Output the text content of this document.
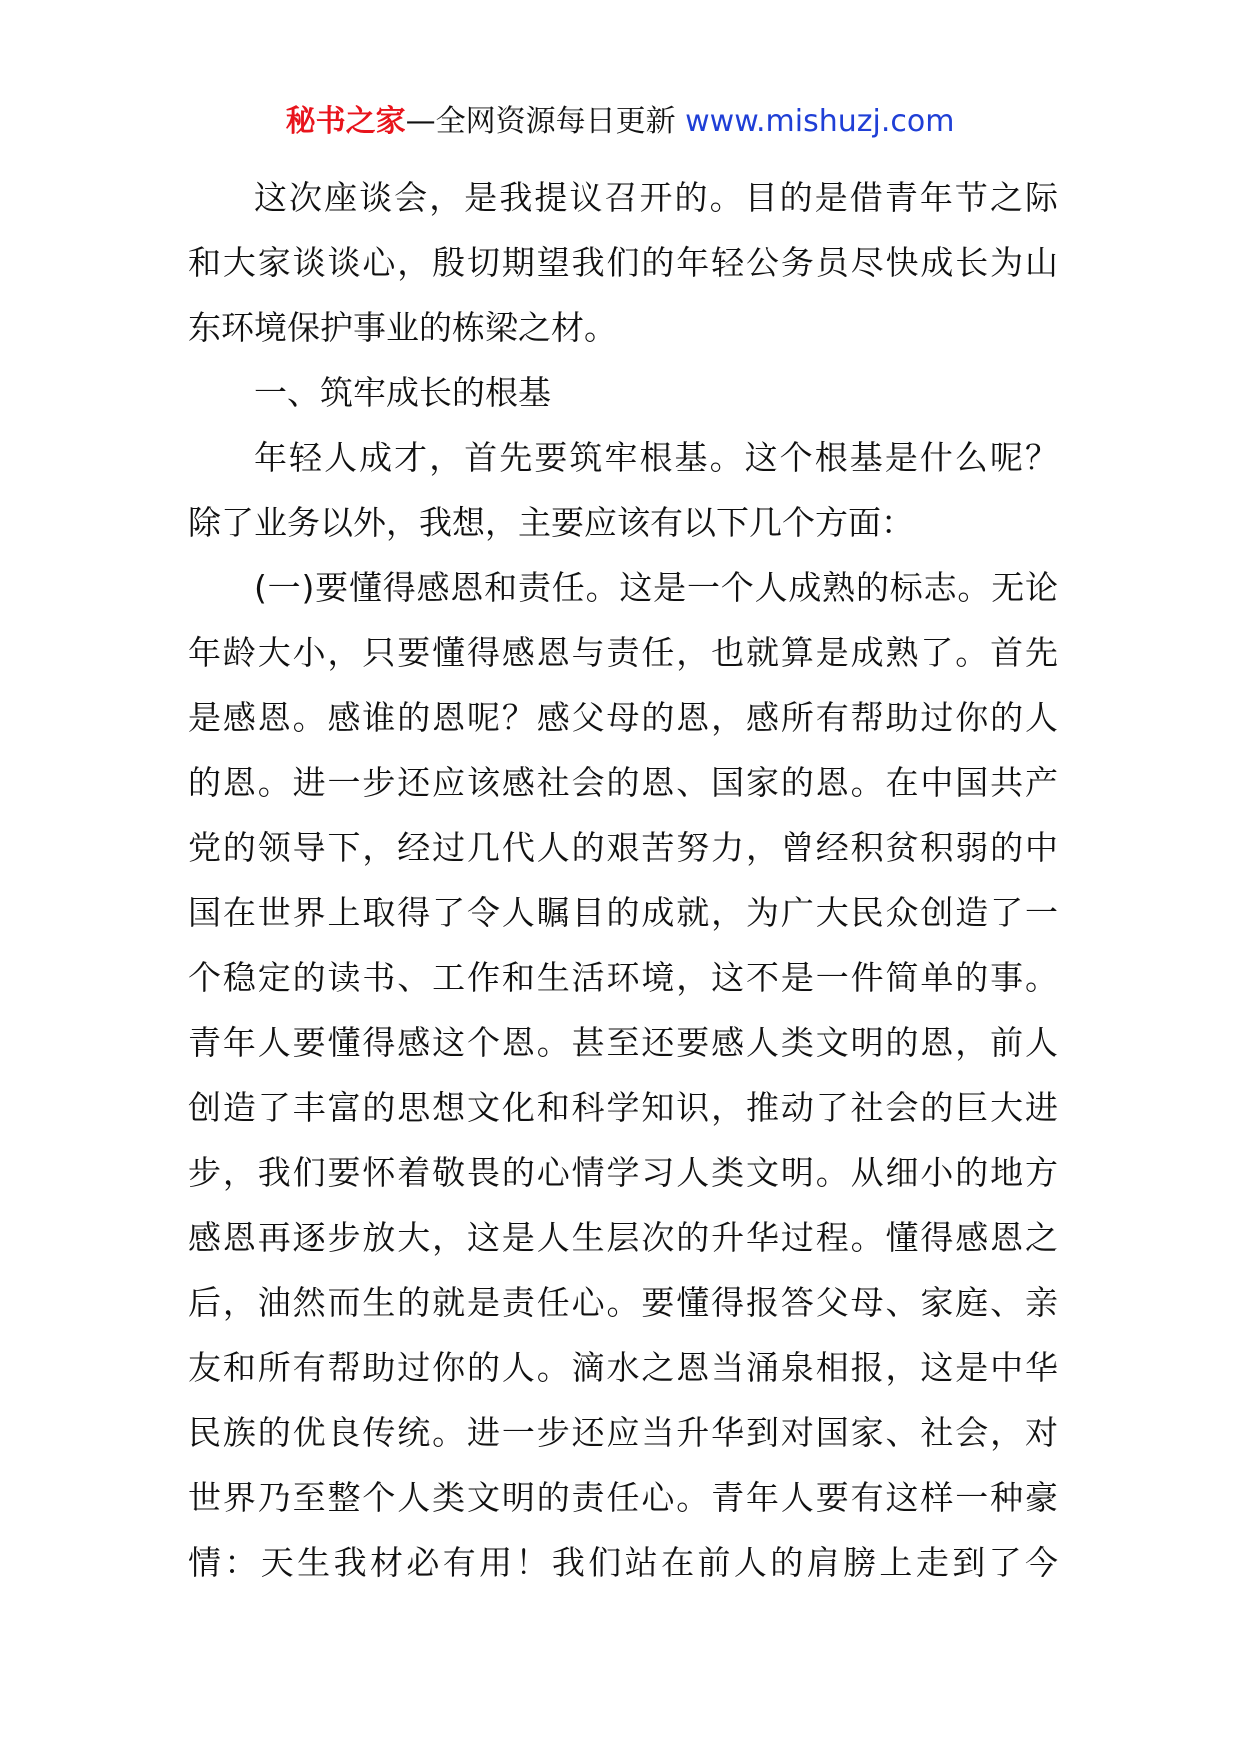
秘书之家—全网资源每日更新 www.mishuzj.com
这次座谈会，是我提议召开的。目的是借青年节之际
和大家谈谈心，殷切期望我们的年轻公务员尽快成长为山
东环境保护事业的栋梁之材。
一、筑牢成长的根基
年轻人成才，首先要筑牢根基。这个根基是什么呢？
除了业务以外，我想，主要应该有以下几个方面：
(一)要懂得感恩和责任。这是一个人成熟的标志。无论
年龄大小，只要懂得感恩与责任，也就算是成熟了。首先
是感恩。感谁的恩呢？感父母的恩，感所有帮助过你的人
的恩。进一步还应该感社会的恩、国家的恩。在中国共产
党的领导下，经过几代人的艰苦努力，曾经积贫积弱的中
国在世界上取得了令人瞩目的成就，为广大民众创造了一
个稳定的读书、工作和生活环境，这不是一件简单的事。
青年人要懂得感这个恩。甚至还要感人类文明的恩，前人
创造了丰富的思想文化和科学知识，推动了社会的巨大进
步，我们要怀着敬畏的心情学习人类文明。从细小的地方
感恩再逐步放大，这是人生层次的升华过程。懂得感恩之
后，油然而生的就是责任心。要懂得报答父母、家庭、亲
友和所有帮助过你的人。滴水之恩当涌泉相报，这是中华
民族的优良传统。进一步还应当升华到对国家、社会，对
世界乃至整个人类文明的责任心。青年人要有这样一种豪
情：天生我材必有用！我们站在前人的肩膀上走到了今
